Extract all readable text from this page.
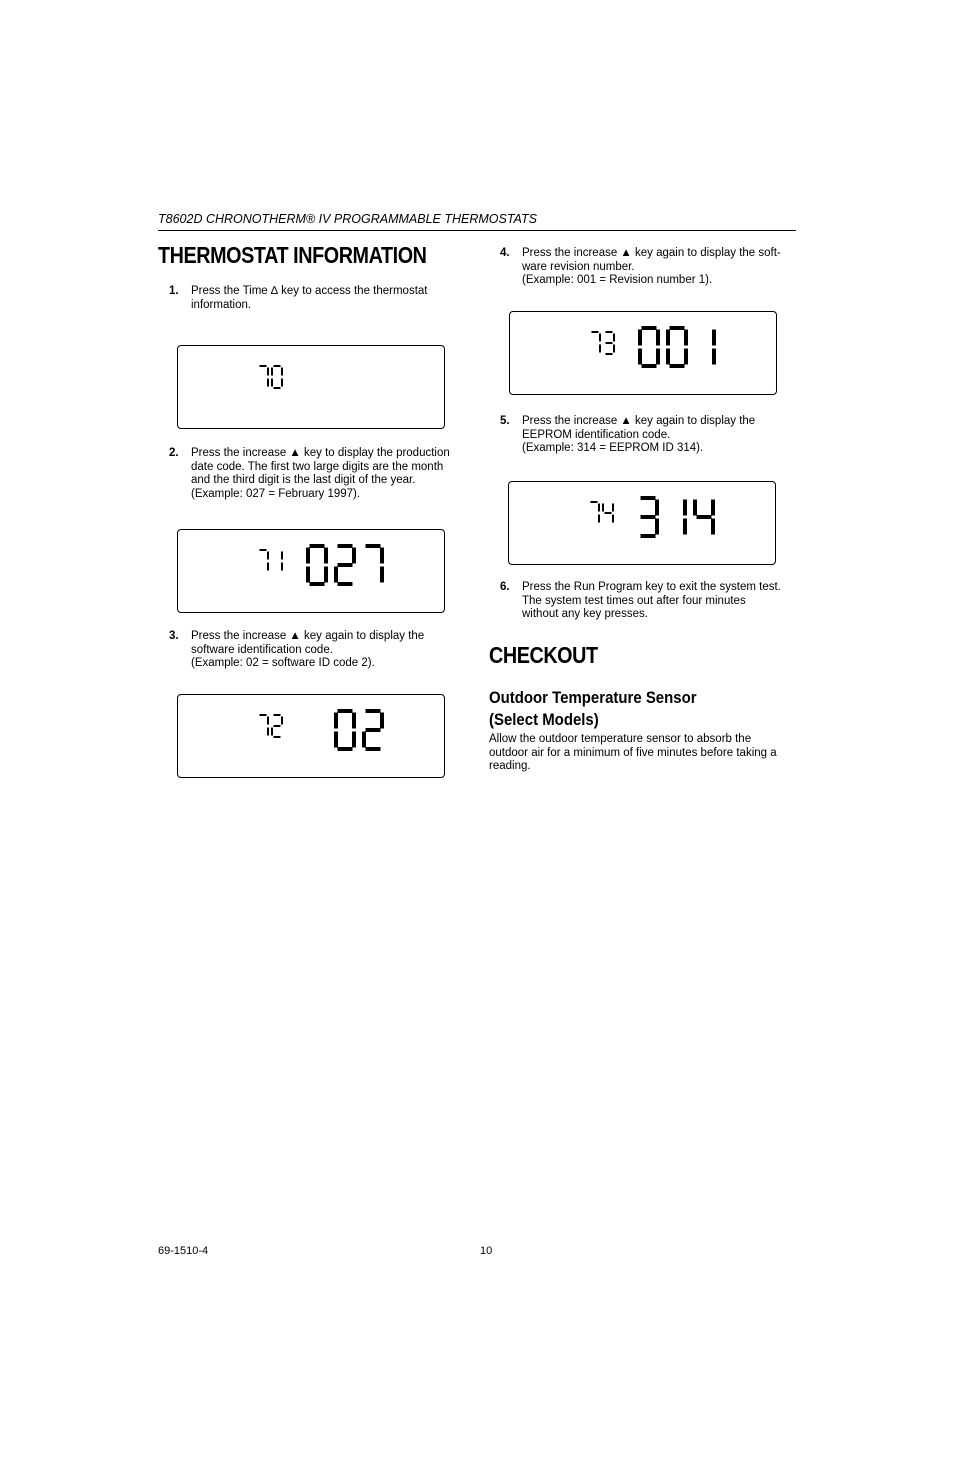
T8602D CHRONOTHERM® IV PROGRAMMABLE THERMOSTATS
THERMOSTAT INFORMATION
1. Press the Time ∆ key to access the thermostat
information.
2. Press the increase ▲ key to display the production
date code. The first two large digits are the month
and the third digit is the last digit of the year.
(Example: 027 = February 1997).
3. Press the increase ▲ key again to display the
software identification code.
(Example: 02 = software ID code 2).
4. Press the increase ▲ key again to display the soft-
ware revision number.
(Example: 001 = Revision number 1).
5. Press the increase ▲ key again to display the
EEPROM identification code.
(Example: 314 = EEPROM ID 314).
6. Press the Run Program key to exit the system test.
The system test times out after four minutes
without any key presses.
CHECKOUT
Outdoor Temperature Sensor
(Select Models)
Allow the outdoor temperature sensor to absorb the
outdoor air for a minimum of five minutes before taking a
reading.
69-1510-4	10
